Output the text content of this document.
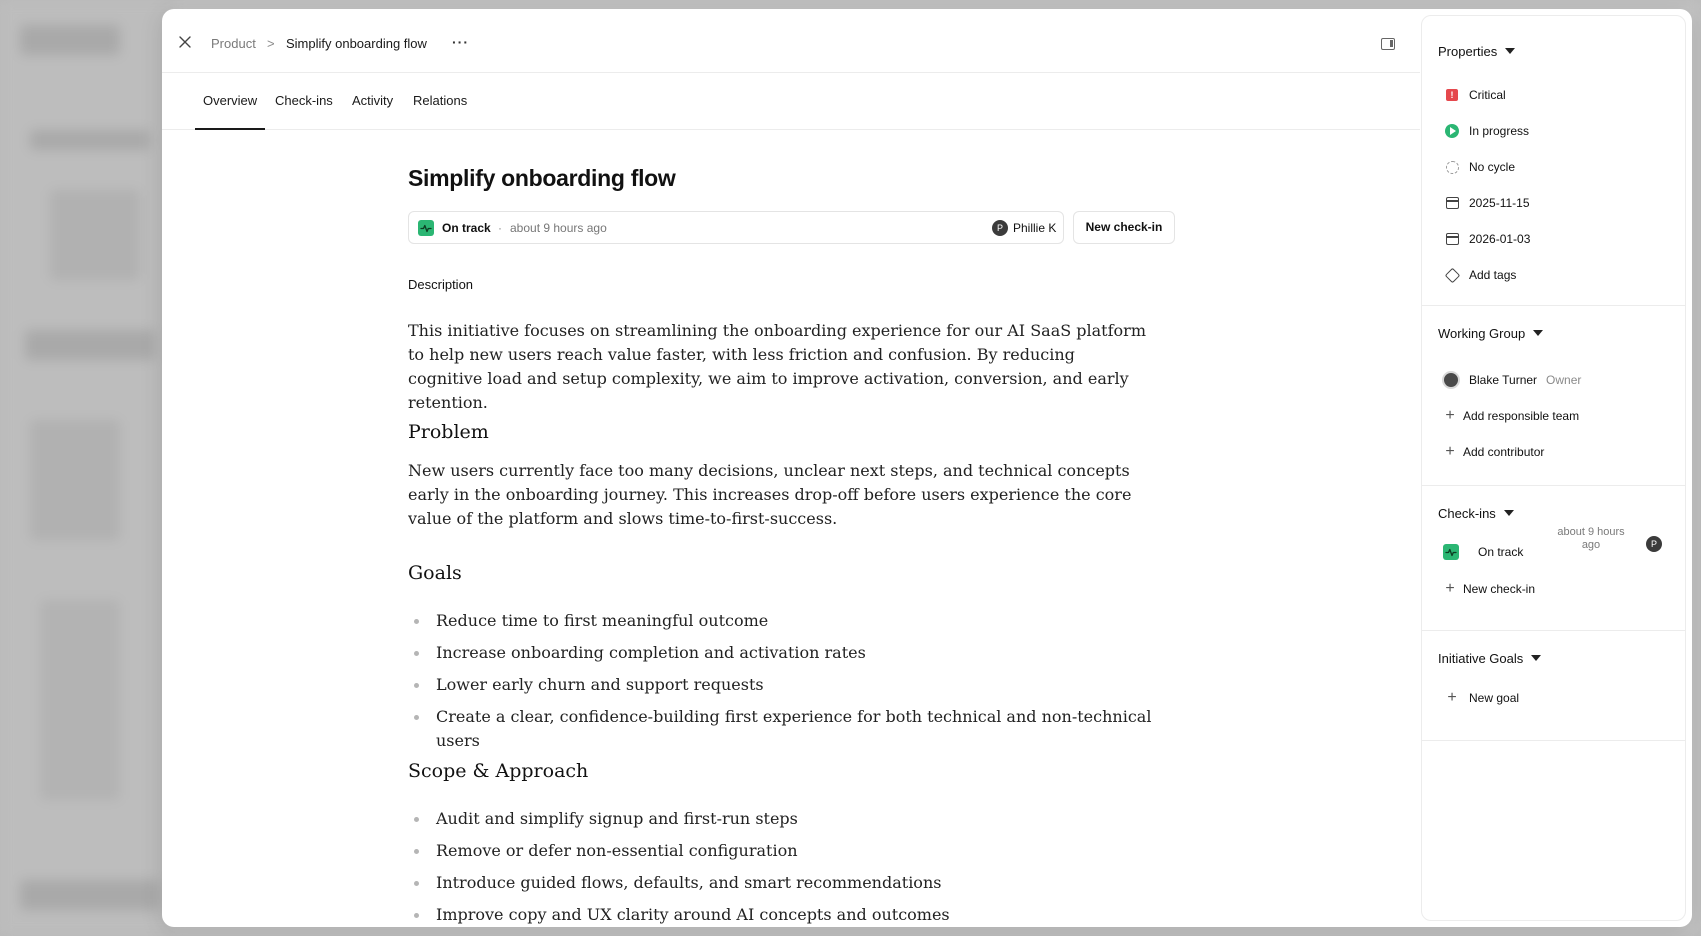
Product > Simplify onboarding flow ···
Overview	Check-ins Activity Relations
Simplify onboarding flow
On track · about 9 hours ago	P Phillie K	New check-in
Description

This initiative focuses on streamlining the onboarding experience for our AI SaaS platform to help new users reach value faster, with less friction and confusion. By reducing cognitive load and setup complexity, we aim to improve activation, conversion, and early retention.

Problem

New users currently face too many decisions, unclear next steps, and technical concepts early in the onboarding journey. This increases drop-off before users experience the core value of the platform and slows time-to-first-success.

Goals
Reduce time to first meaningful outcome
Increase onboarding completion and activation rates
Lower early churn and support requests
Create a clear, confidence-building first experience for both technical and non-technical users
Scope & Approach
Audit and simplify signup and first-run steps
Remove or defer non-essential configuration
Introduce guided flows, defaults, and smart recommendations
Improve copy and UX clarity around AI concepts and outcomes
Properties
!	Critical
In progress
No cycle
2025-11-15
2026-01-03
Add tags
Working Group
Blake Turner Owner
+ Add responsible team
+ Add contributor
Check-ins
On track
about 9 hours ago	P
+ New check-in
Initiative Goals
+ New goal
